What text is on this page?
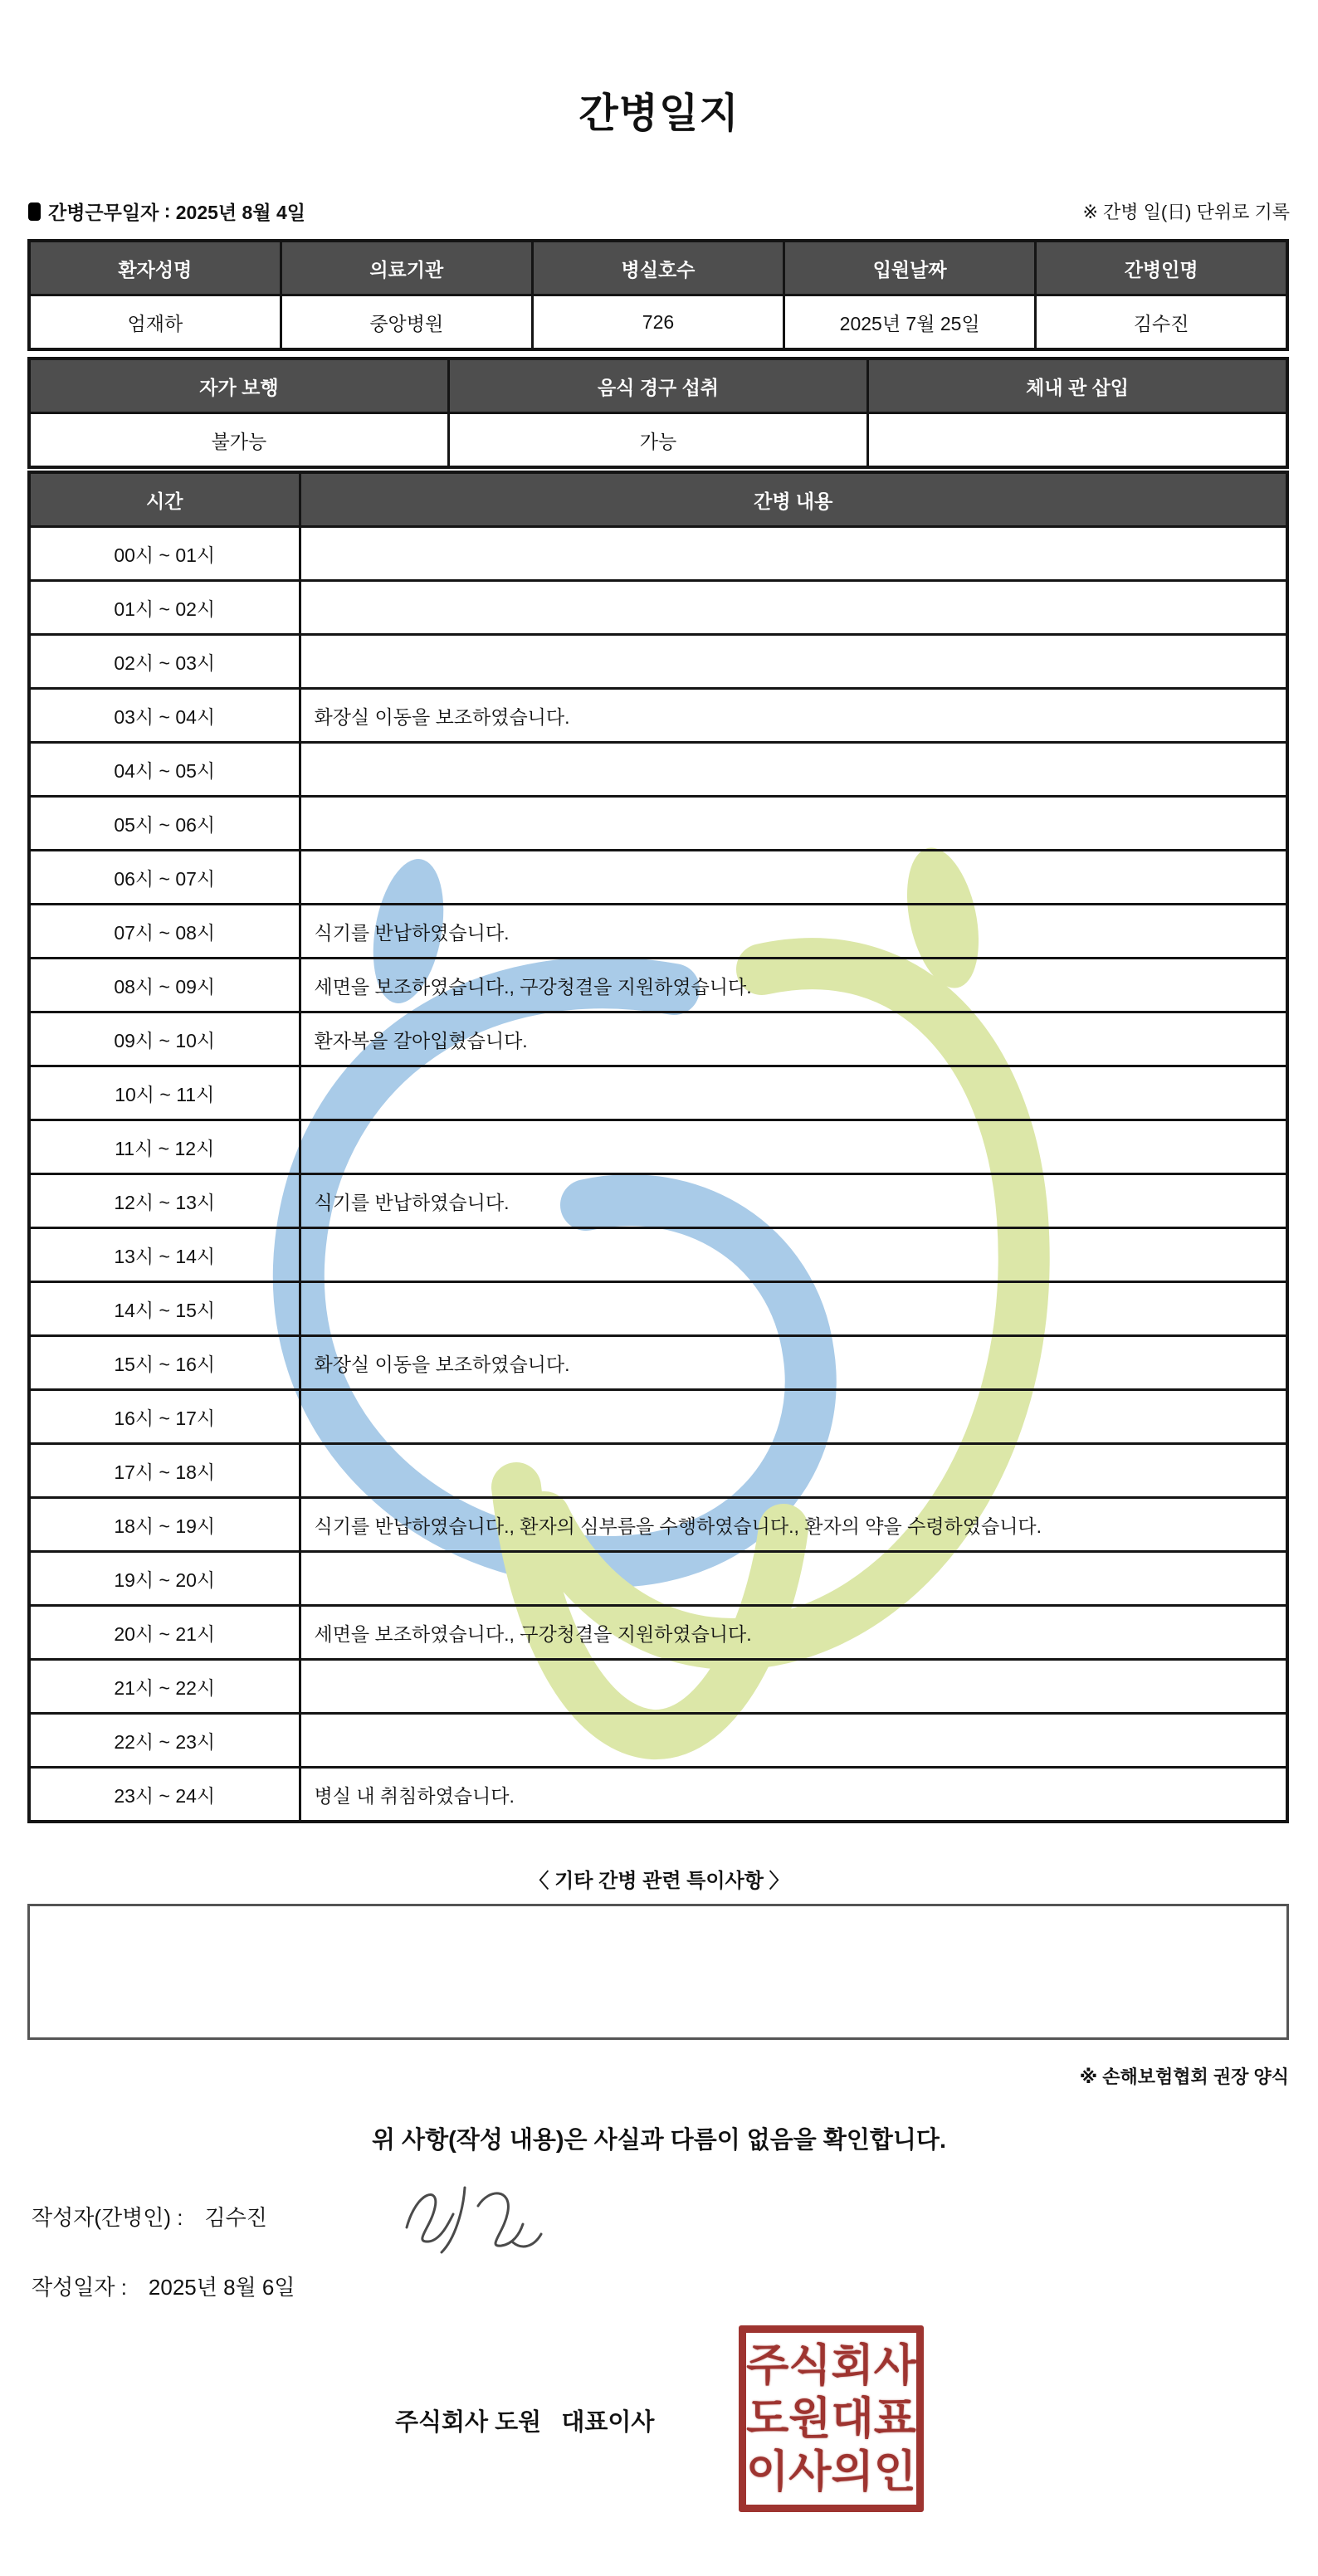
간병일지
간병근무일자 : 2025년 8월 4일	※ 간병 일(日) 단위로 기록
환자성명	의료기관	병실호수	입원날짜	간병인명
엄재하	중앙병원	726	2025년 7월 25일	김수진
자가 보행	음식 경구 섭취	체내 관 삽입
불가능	가능	
시간	간병 내용
00시 ~ 01시	
01시 ~ 02시	
02시 ~ 03시	
03시 ~ 04시	화장실 이동을 보조하였습니다.
04시 ~ 05시	
05시 ~ 06시	
06시 ~ 07시	
07시 ~ 08시	식기를 반납하였습니다.
08시 ~ 09시	세면을 보조하였습니다., 구강청결을 지원하였습니다.
09시 ~ 10시	환자복을 갈아입혔습니다.
10시 ~ 11시	
11시 ~ 12시	
12시 ~ 13시	식기를 반납하였습니다.
13시 ~ 14시	
14시 ~ 15시	
15시 ~ 16시	화장실 이동을 보조하였습니다.
16시 ~ 17시	
17시 ~ 18시	
18시 ~ 19시	식기를 반납하였습니다., 환자의 심부름을 수행하였습니다., 환자의 약을 수령하였습니다.
19시 ~ 20시	
20시 ~ 21시	세면을 보조하였습니다., 구강청결을 지원하였습니다.
21시 ~ 22시	
22시 ~ 23시	
23시 ~ 24시	병실 내 취침하였습니다.
〈 기타 간병 관련 특이사항 〉
※ 손해보험협회 권장 양식
위 사항(작성 내용)은 사실과 다름이 없음을 확인합니다.
작성자(간병인) : 김수진
작성일자 : 2025년 8월 6일
주식회사 도원   대표이사
주식회사
도원대표
이사의인
